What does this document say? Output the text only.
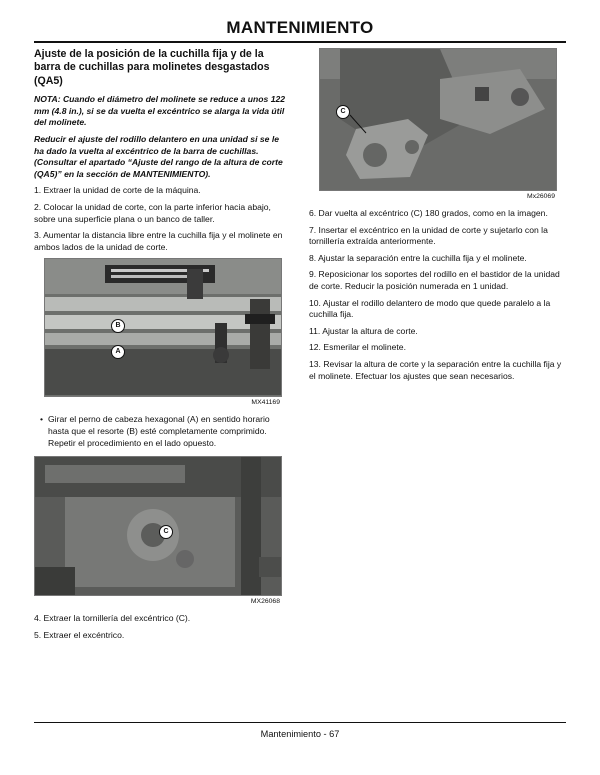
MANTENIMIENTO
Ajuste de la posición de la cuchilla fija y de la barra de cuchillas para molinetes desgastados (QA5)
NOTA: Cuando el diámetro del molinete se reduce a unos 122 mm (4.8 in.), si se da vuelta el excéntrico se alarga la vida útil del molinete.
Reducir el ajuste del rodillo delantero en una unidad si se le ha dado la vuelta al excéntrico de la barra de cuchillas. (Consultar el apartado “Ajuste del rango de la altura de corte (QA5)” en la sección de MANTENIMIENTO).
1. Extraer la unidad de corte de la máquina.
2. Colocar la unidad de corte, con la parte inferior hacia abajo, sobre una superficie plana o un banco de taller.
3. Aumentar la distancia libre entre la cuchilla fija y el molinete en ambos lados de la unidad de corte.
B
A
MX41169
• Girar el perno de cabeza hexagonal (A) en sentido horario hasta que el resorte (B) esté completamente comprimido. Repetir el procedimiento en el lado opuesto.
C
MX26068
4. Extraer la tornillería del excéntrico (C).
5. Extraer el excéntrico.
C
Mx26069
6. Dar vuelta al excéntrico (C) 180 grados, como en la imagen.
7. Insertar el excéntrico en la unidad de corte y sujetarlo con la tornillería extraída anteriormente.
8. Ajustar la separación entre la cuchilla fija y el molinete.
9. Reposicionar los soportes del rodillo en el bastidor de la unidad de corte. Reducir la posición numerada en 1 unidad.
10. Ajustar el rodillo delantero de modo que quede paralelo a la cuchilla fija.
11. Ajustar la altura de corte.
12. Esmerilar el molinete.
13. Revisar la altura de corte y la separación entre la cuchilla fija y el molinete. Efectuar los ajustes que sean necesarios.
Mantenimiento - 67
